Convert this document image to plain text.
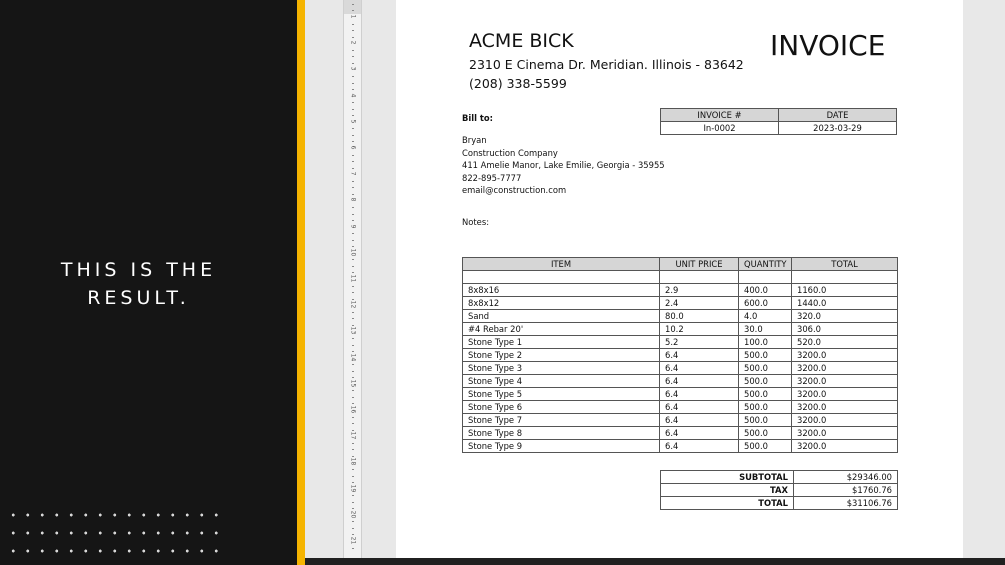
THIS IS THE
RESULT.
1
2
3
4
5
6
7
8
9
10
11
12
13
14
15
16
17
18
19
20
21
ACME BICK
2310 E Cinema Dr. Meridian. Illinois - 83642
(208) 338-5599
INVOICE
Bill to:
Bryan
Construction Company
411 Amelie Manor, Lake Emilie, Georgia - 35955
822-895-7777
email@construction.com
Notes:
INVOICE #	DATE
In-0002	2023-03-29
ITEM	UNIT PRICE	QUANTITY	TOTAL

8x8x16	2.9	400.0	1160.0
8x8x12	2.4	600.0	1440.0
Sand	80.0	4.0	320.0
#4 Rebar 20'	10.2	30.0	306.0
Stone Type 1	5.2	100.0	520.0
Stone Type 2	6.4	500.0	3200.0
Stone Type 3	6.4	500.0	3200.0
Stone Type 4	6.4	500.0	3200.0
Stone Type 5	6.4	500.0	3200.0
Stone Type 6	6.4	500.0	3200.0
Stone Type 7	6.4	500.0	3200.0
Stone Type 8	6.4	500.0	3200.0
Stone Type 9	6.4	500.0	3200.0
SUBTOTAL	$29346.00
TAX	$1760.76
TOTAL	$31106.76
